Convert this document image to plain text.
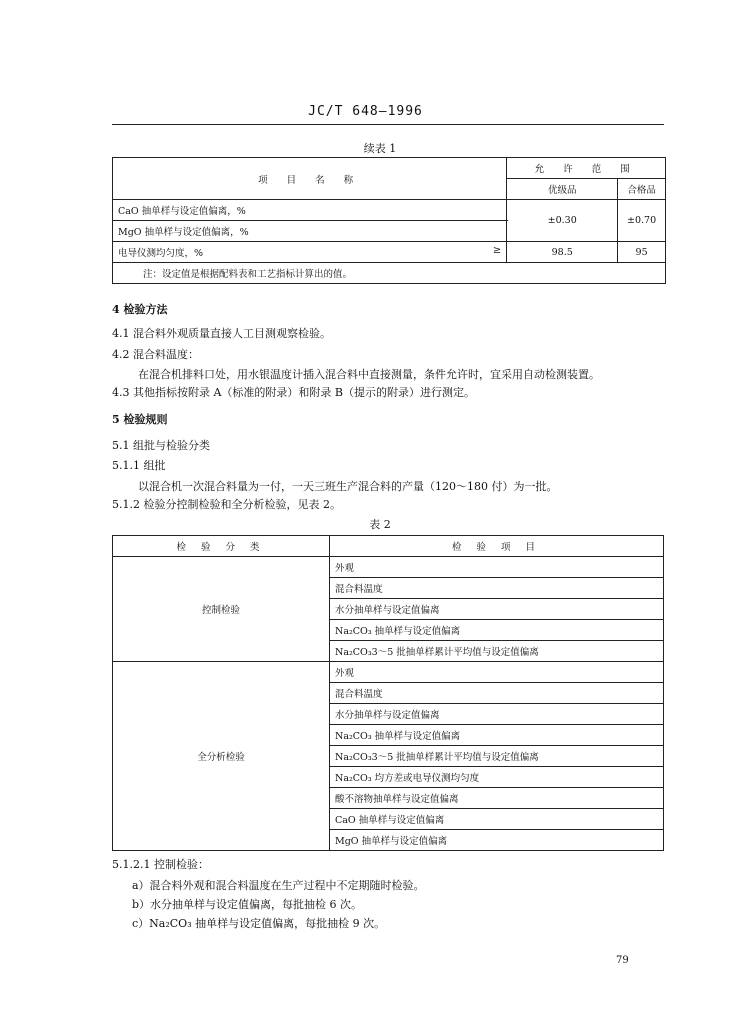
JC/T 648—1996
续表 1
项 目 名 称	允 许 范 围	
	优级品	合格品
CaO 抽单样与设定值偏离，%	±0.30	±0.70
MgO 抽单样与设定值偏离，%		
电导仪测均匀度，% ≥	98.5	95
注：设定值是根据配料表和工艺指标计算出的值。		
4 检验方法
4.1 混合料外观质量直接人工目测观察检验。
4.2 混合料温度：
在混合机排料口处，用水银温度计插入混合料中直接测量，条件允许时，宜采用自动检测装置。
4.3 其他指标按附录 A（标准的附录）和附录 B（提示的附录）进行测定。
5 检验规则
5.1 组批与检验分类
5.1.1 组批
以混合机一次混合料量为一付，一天三班生产混合料的产量（120～180 付）为一批。
5.1.2 检验分控制检验和全分析检验，见表 2。
表 2
检 验 分 类	检 验 项 目
控制检验	外观
	混合料温度
	水分抽单样与设定值偏离
	Na₂CO₃ 抽单样与设定值偏离
	Na₂CO₃3～5 批抽单样累计平均值与设定值偏离
全分析检验	外观
	混合料温度
	水分抽单样与设定值偏离
	Na₂CO₃ 抽单样与设定值偏离
	Na₂CO₃3～5 批抽单样累计平均值与设定值偏离
	Na₂CO₃ 均方差或电导仪测均匀度
	酸不溶物抽单样与设定值偏离
	CaO 抽单样与设定值偏离
	MgO 抽单样与设定值偏离
5.1.2.1 控制检验：
a）混合料外观和混合料温度在生产过程中不定期随时检验。
b）水分抽单样与设定值偏离，每批抽检 6 次。
c）Na₂CO₃ 抽单样与设定值偏离，每批抽检 9 次。
79
